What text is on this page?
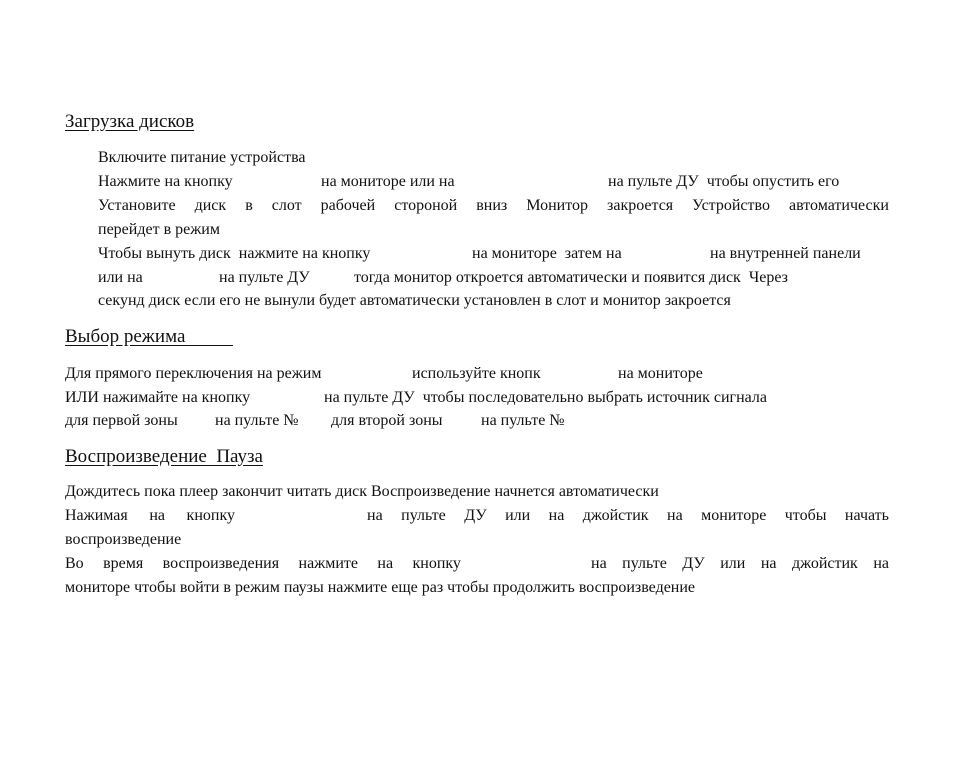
Загрузка дисков
Включите питание устройства
Нажмите на кнопку	на мониторе или на	на пульте ДУ чтобы опустить его
Установите диск в слот рабочей стороной вниз Монитор закроется Устройство автоматически
перейдет в режим
Чтобы вынуть диск  нажмите на кнопку	на мониторе  затем на	на внутренней панели
или на	на пульте ДУ	тогда монитор откроется автоматически и появится диск  Через
секунд диск если его не вынули будет автоматически установлен в слот и монитор закроется
Выбор режима
Для прямого переключения на режим	используйте кнопк	на мониторе
ИЛИ нажимайте на кнопку	на пульте ДУ  чтобы последовательно выбрать источник сигнала
для первой зоны на пульте № для второй зоны на пульте №
Воспроизведение  Пауза
Дождитесь пока плеер закончит читать диск Воспроизведение начнется автоматически
Нажимая на кнопку	на пульте ДУ или на джойстик на мониторе чтобы начать
воспроизведение
Во время воспроизведения нажмите на кнопку	на пульте ДУ или на джойстик на
мониторе чтобы войти в режим паузы нажмите еще раз чтобы продолжить воспроизведение
